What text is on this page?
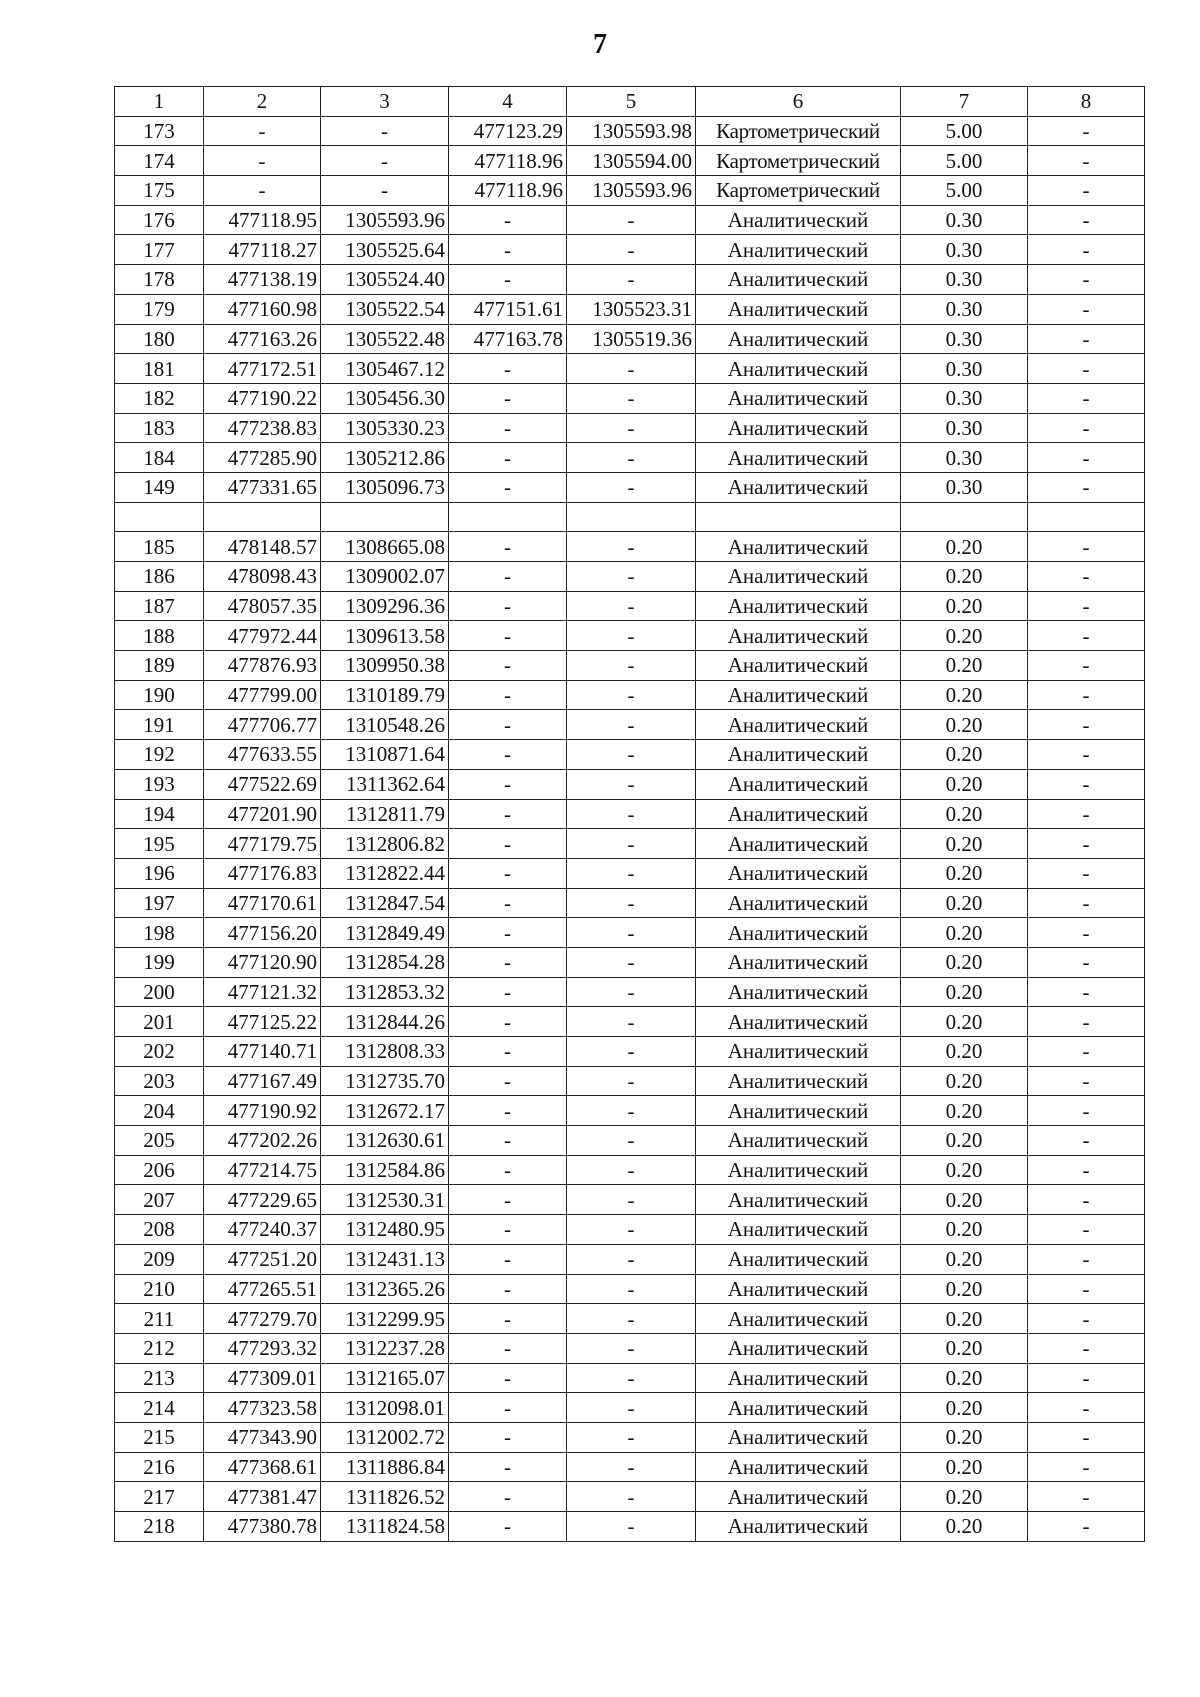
7
1	2	3	4	5	6	7	8
173	-	-	477123.29	1305593.98	Картометрический	5.00	-
174	-	-	477118.96	1305594.00	Картометрический	5.00	-
175	-	-	477118.96	1305593.96	Картометрический	5.00	-
176	477118.95	1305593.96	-	-	Аналитический	0.30	-
177	477118.27	1305525.64	-	-	Аналитический	0.30	-
178	477138.19	1305524.40	-	-	Аналитический	0.30	-
179	477160.98	1305522.54	477151.61	1305523.31	Аналитический	0.30	-
180	477163.26	1305522.48	477163.78	1305519.36	Аналитический	0.30	-
181	477172.51	1305467.12	-	-	Аналитический	0.30	-
182	477190.22	1305456.30	-	-	Аналитический	0.30	-
183	477238.83	1305330.23	-	-	Аналитический	0.30	-
184	477285.90	1305212.86	-	-	Аналитический	0.30	-
149	477331.65	1305096.73	-	-	Аналитический	0.30	-

185	478148.57	1308665.08	-	-	Аналитический	0.20	-
186	478098.43	1309002.07	-	-	Аналитический	0.20	-
187	478057.35	1309296.36	-	-	Аналитический	0.20	-
188	477972.44	1309613.58	-	-	Аналитический	0.20	-
189	477876.93	1309950.38	-	-	Аналитический	0.20	-
190	477799.00	1310189.79	-	-	Аналитический	0.20	-
191	477706.77	1310548.26	-	-	Аналитический	0.20	-
192	477633.55	1310871.64	-	-	Аналитический	0.20	-
193	477522.69	1311362.64	-	-	Аналитический	0.20	-
194	477201.90	1312811.79	-	-	Аналитический	0.20	-
195	477179.75	1312806.82	-	-	Аналитический	0.20	-
196	477176.83	1312822.44	-	-	Аналитический	0.20	-
197	477170.61	1312847.54	-	-	Аналитический	0.20	-
198	477156.20	1312849.49	-	-	Аналитический	0.20	-
199	477120.90	1312854.28	-	-	Аналитический	0.20	-
200	477121.32	1312853.32	-	-	Аналитический	0.20	-
201	477125.22	1312844.26	-	-	Аналитический	0.20	-
202	477140.71	1312808.33	-	-	Аналитический	0.20	-
203	477167.49	1312735.70	-	-	Аналитический	0.20	-
204	477190.92	1312672.17	-	-	Аналитический	0.20	-
205	477202.26	1312630.61	-	-	Аналитический	0.20	-
206	477214.75	1312584.86	-	-	Аналитический	0.20	-
207	477229.65	1312530.31	-	-	Аналитический	0.20	-
208	477240.37	1312480.95	-	-	Аналитический	0.20	-
209	477251.20	1312431.13	-	-	Аналитический	0.20	-
210	477265.51	1312365.26	-	-	Аналитический	0.20	-
211	477279.70	1312299.95	-	-	Аналитический	0.20	-
212	477293.32	1312237.28	-	-	Аналитический	0.20	-
213	477309.01	1312165.07	-	-	Аналитический	0.20	-
214	477323.58	1312098.01	-	-	Аналитический	0.20	-
215	477343.90	1312002.72	-	-	Аналитический	0.20	-
216	477368.61	1311886.84	-	-	Аналитический	0.20	-
217	477381.47	1311826.52	-	-	Аналитический	0.20	-
218	477380.78	1311824.58	-	-	Аналитический	0.20	-
